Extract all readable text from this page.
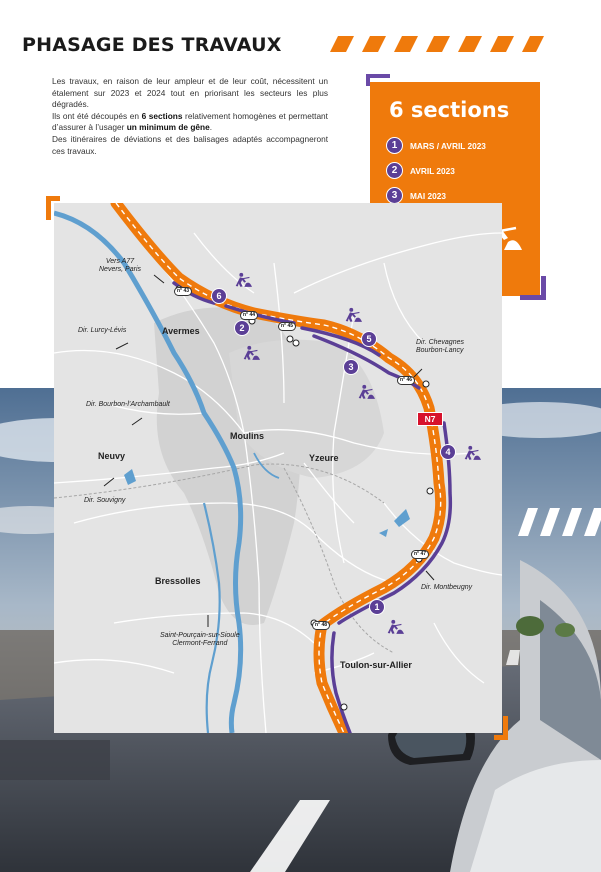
PHASAGE DES TRAVAUX

Les travaux, en raison de leur ampleur et de leur coût, nécessitent un étalement sur 2023 et 2024 tout en priorisant les secteurs les plus dégradés.

Ils ont été découpés en 6 sections relativement homogènes et permettant d’assurer à l’usager un minimum de gêne.

Des itinéraires de déviations et des balisages adaptés accompagneront ces travaux.

6 sections
1	MARS / AVRIL 2023
2	AVRIL 2023
3	MAI 2023
Avermes
Moulins
Neuvy	Yzeure
Bressolles
Toulon-sur-Allier
Vers A77
Nevers, Paris
Dir. Lurcy-Lévis
Dir. Bourbon-l’Archambault
Dir. Souvigny
Dir. Chevagnes
Bourbon-Lancy
Dir. Montbeugny
Saint-Pourçain-sur-Sioule
Clermont-Ferrand
n° 43
n° 44
n° 45
n° 46
n° 47
n° 48
N7
6
2
5
3
4
1
